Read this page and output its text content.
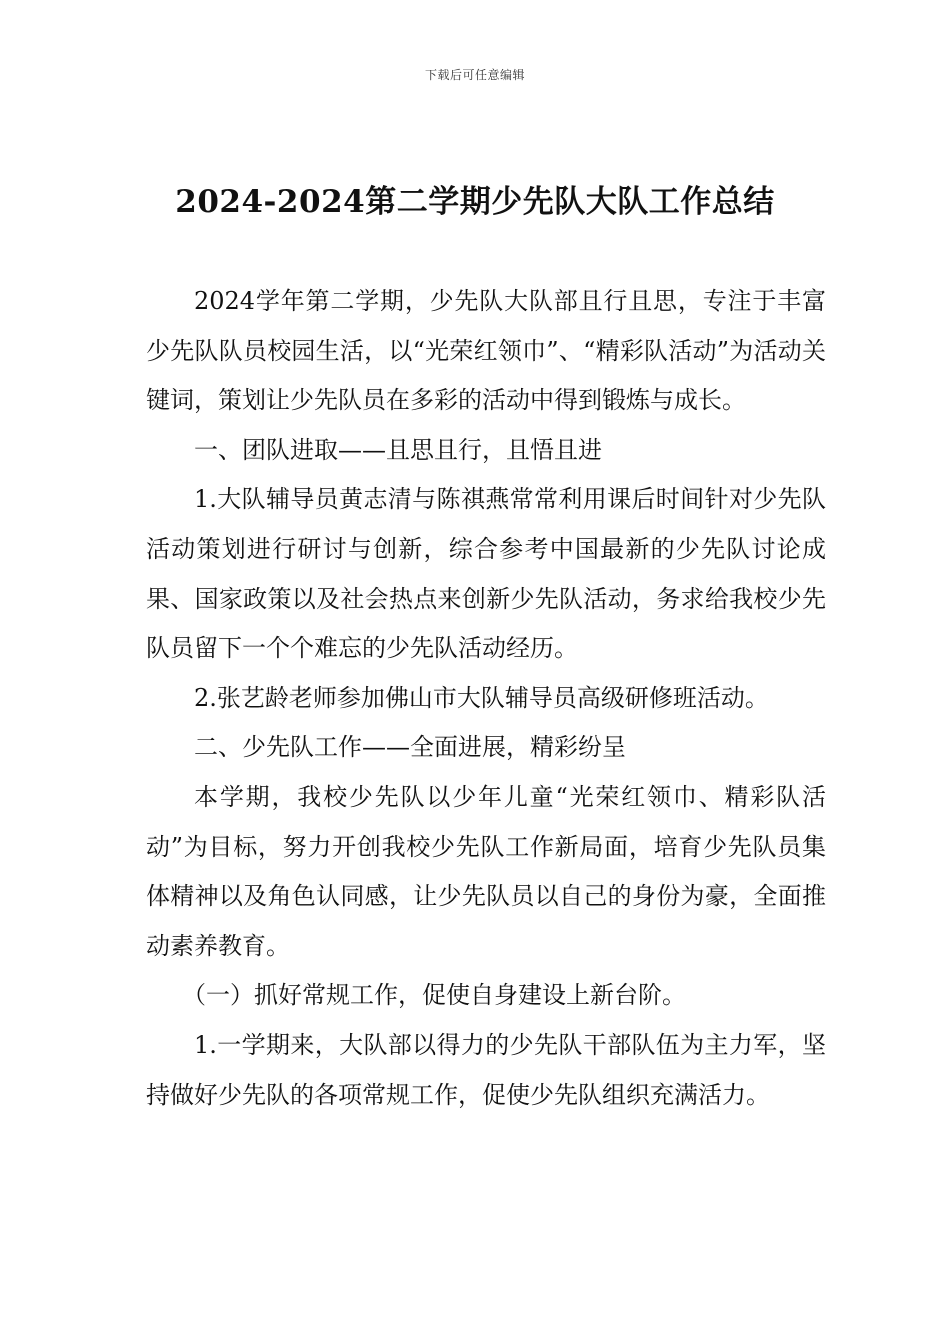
下载后可任意编辑
2024-2024第二学期少先队大队工作总结

2024学年第二学期，少先队大队部且行且思，专注于丰富少先队队员校园生活，以“光荣红领巾”、“精彩队活动”为活动关键词，策划让少先队员在多彩的活动中得到锻炼与成长。

一、团队进取——且思且行，且悟且进

1.大队辅导员黄志清与陈祺燕常常利用课后时间针对少先队活动策划进行研讨与创新，综合参考中国最新的少先队讨论成果、国家政策以及社会热点来创新少先队活动，务求给我校少先队员留下一个个难忘的少先队活动经历。

2.张艺龄老师参加佛山市大队辅导员高级研修班活动。

二、少先队工作——全面进展，精彩纷呈

本学期，我校少先队以少年儿童“光荣红领巾、精彩队活动”为目标，努力开创我校少先队工作新局面，培育少先队员集体精神以及角色认同感，让少先队员以自己的身份为豪，全面推动素养教育。

（一）抓好常规工作，促使自身建设上新台阶。

1.一学期来，大队部以得力的少先队干部队伍为主力军，坚持做好少先队的各项常规工作，促使少先队组织充满活力。
